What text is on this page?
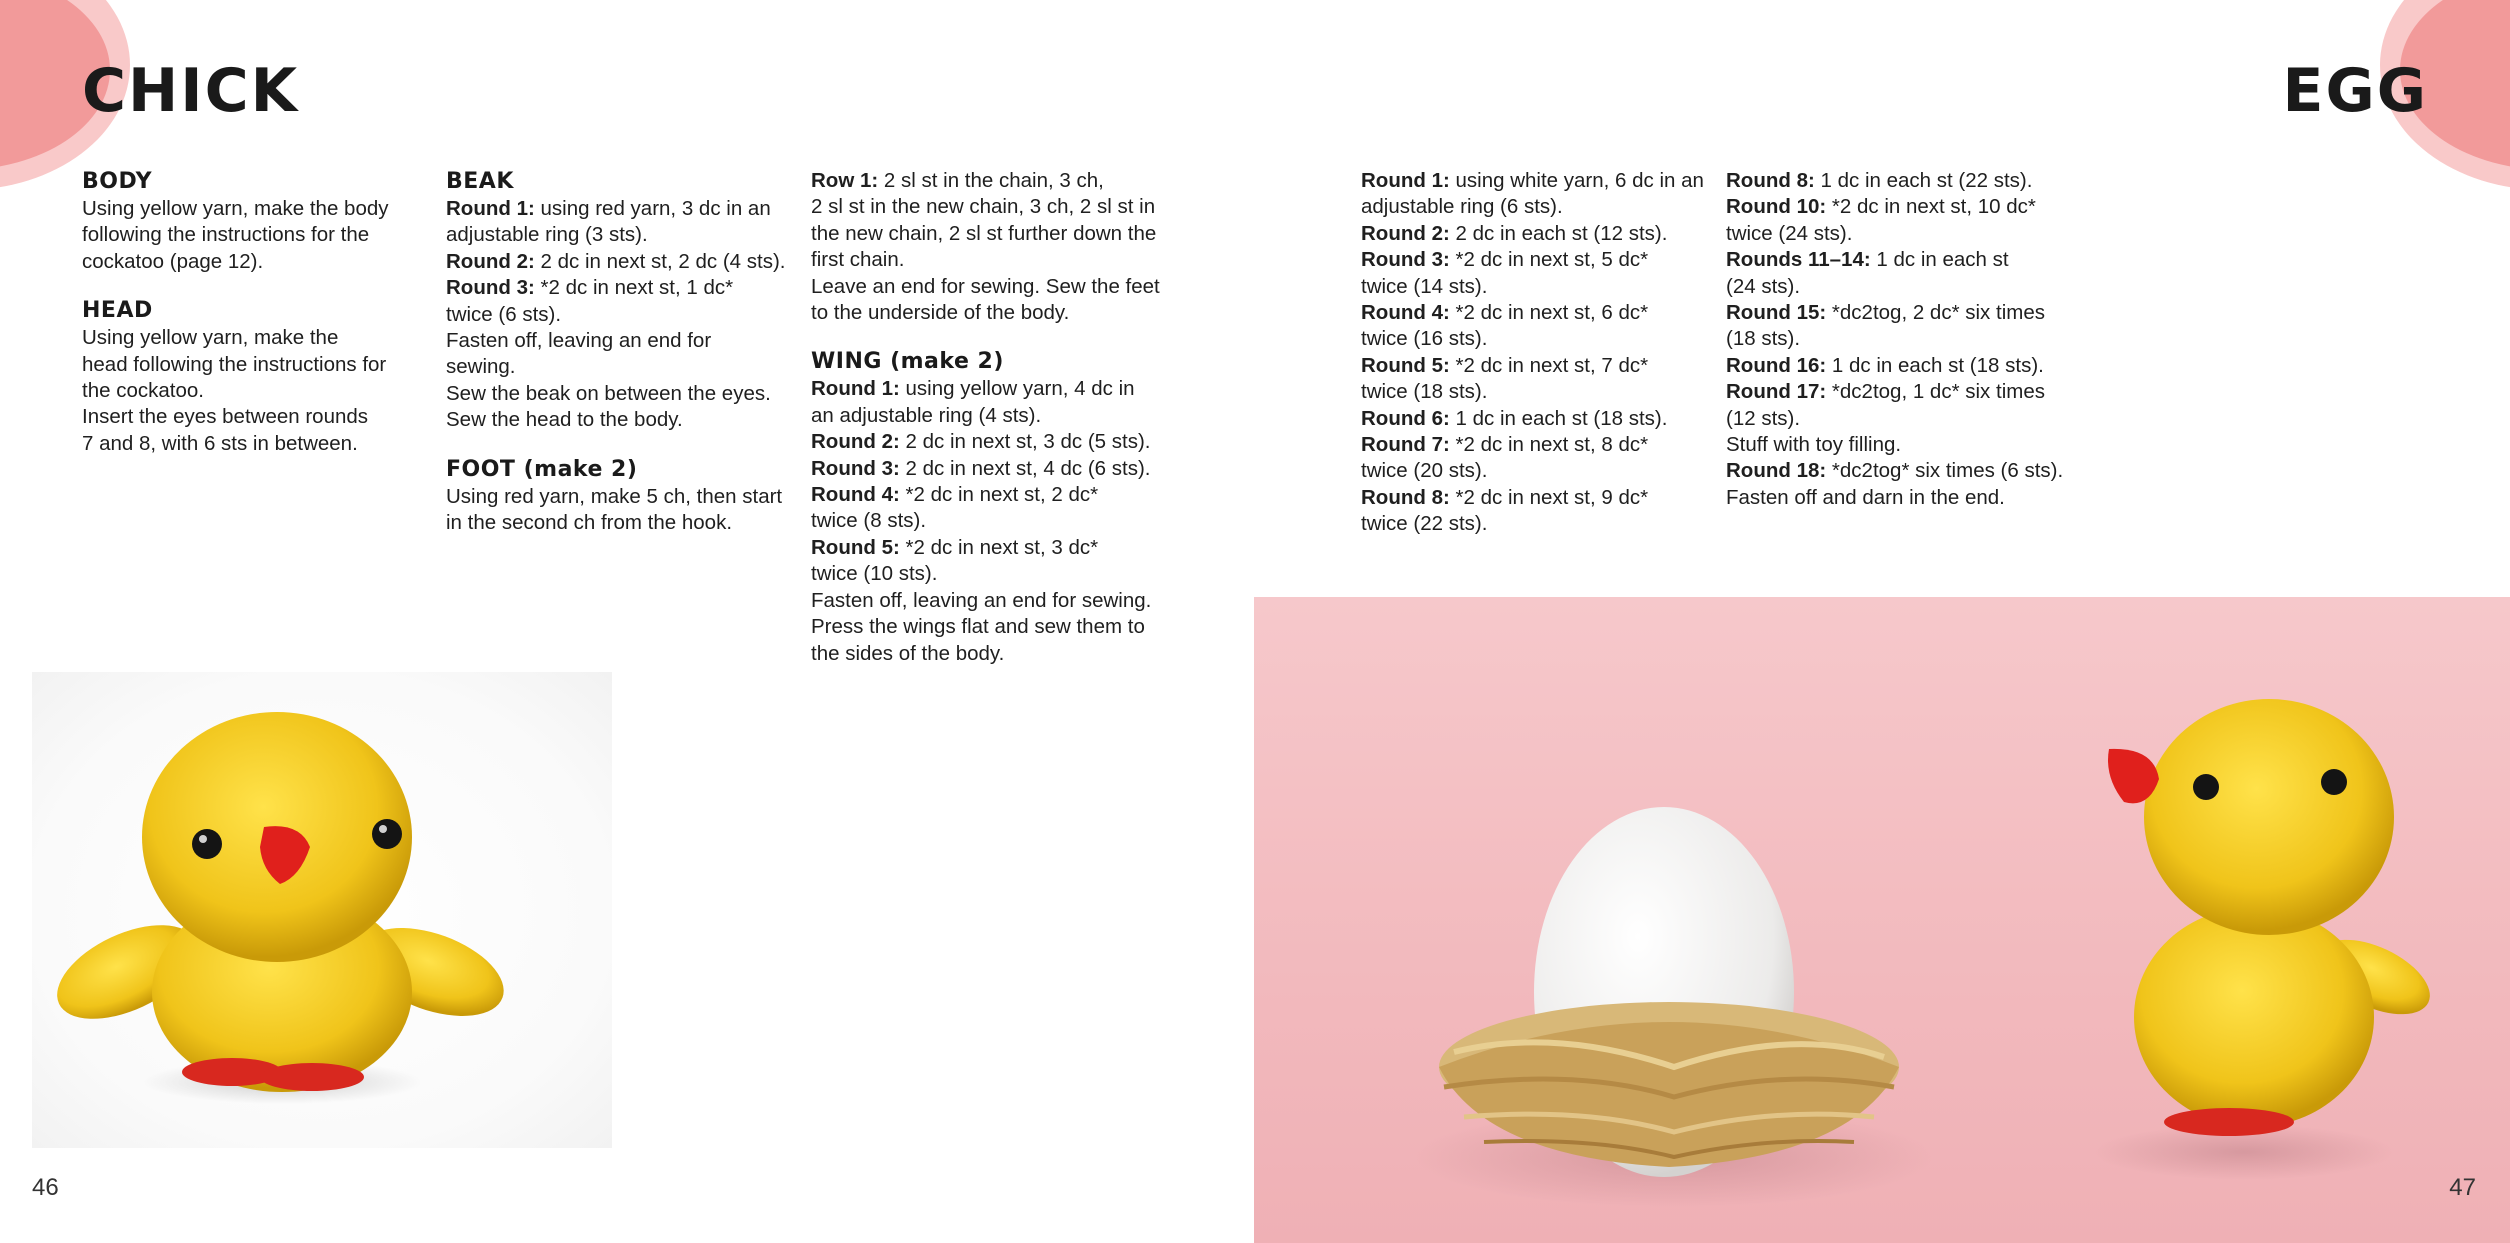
CHICK	EGG
BODY
Using yellow yarn, make the body
following the instructions for the
cockatoo (page 12).
HEAD
Using yellow yarn, make the
head following the instructions for
the cockatoo.
Insert the eyes between rounds
7 and 8, with 6 sts in between.
BEAK
Round 1: using red yarn, 3 dc in an
adjustable ring (3 sts).
Round 2: 2 dc in next st, 2 dc (4 sts).
Round 3: *2 dc in next st, 1 dc*
twice (6 sts).
Fasten off, leaving an end for sewing.
Sew the beak on between the eyes.
Sew the head to the body.
FOOT (make 2)
Using red yarn, make 5 ch, then start
in the second ch from the hook.
Row 1: 2 sl st in the chain, 3 ch,
2 sl st in the new chain, 3 ch, 2 sl st in
the new chain, 2 sl st further down the
first chain.
Leave an end for sewing. Sew the feet
to the underside of the body.
WING (make 2)
Round 1: using yellow yarn, 4 dc in
an adjustable ring (4 sts).
Round 2: 2 dc in next st, 3 dc (5 sts).
Round 3: 2 dc in next st, 4 dc (6 sts).
Round 4: *2 dc in next st, 2 dc*
twice (8 sts).
Round 5: *2 dc in next st, 3 dc*
twice (10 sts).
Fasten off, leaving an end for sewing.
Press the wings flat and sew them to
the sides of the body.
Round 1: using white yarn, 6 dc in an
adjustable ring (6 sts).
Round 2: 2 dc in each st (12 sts).
Round 3: *2 dc in next st, 5 dc*
twice (14 sts).
Round 4: *2 dc in next st, 6 dc*
twice (16 sts).
Round 5: *2 dc in next st, 7 dc*
twice (18 sts).
Round 6: 1 dc in each st (18 sts).
Round 7: *2 dc in next st, 8 dc*
twice (20 sts).
Round 8: *2 dc in next st, 9 dc*
twice (22 sts).
Round 8: 1 dc in each st (22 sts).
Round 10: *2 dc in next st, 10 dc*
twice (24 sts).
Rounds 11–14: 1 dc in each st
(24 sts).
Round 15: *dc2tog, 2 dc* six times
(18 sts).
Round 16: 1 dc in each st (18 sts).
Round 17: *dc2tog, 1 dc* six times
(12 sts).
Stuff with toy filling.
Round 18: *dc2tog* six times (6 sts).
Fasten off and darn in the end.
46	47
